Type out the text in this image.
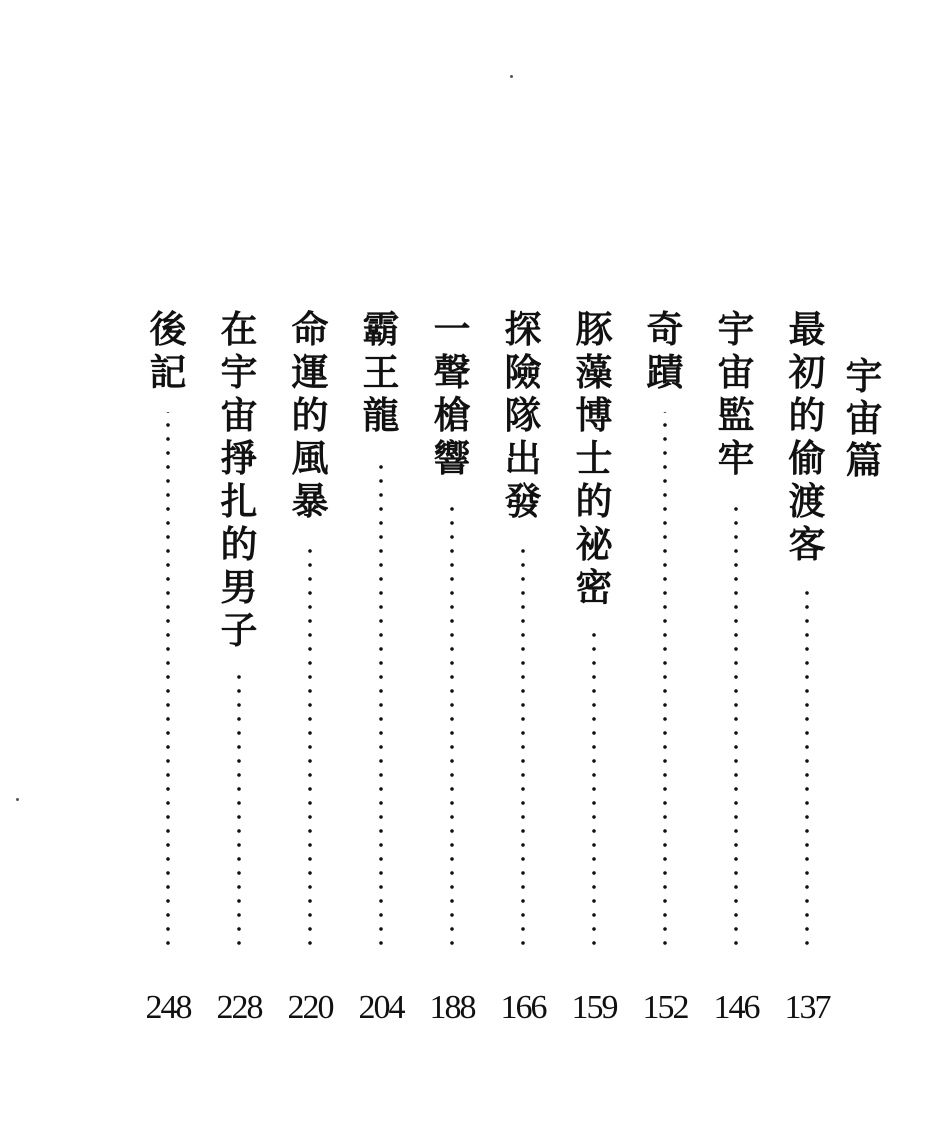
宇
宙
篇
最
初
的
偷
渡
客
137
宇
宙
監
牢
146
奇
蹟
152
豚
藻
博
士
的
祕
密
159
探
險
隊
出
發
166
一
聲
槍
響
188
霸
王
龍
204
命
運
的
風
暴
220
在
宇
宙
掙
扎
的
男
子
228
後
記
248
